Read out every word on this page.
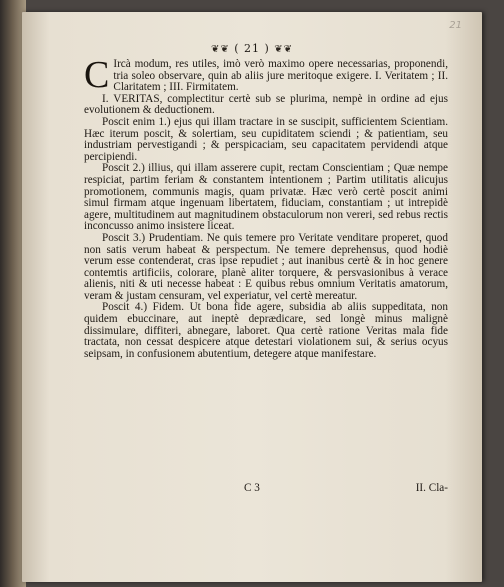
21
❦❦ ( 21 ) ❦❦

C Ircà modum, res utiles, imò verò maximo opere necessarias, proponendi, tria soleo observare, quin ab aliis jure meritoque exigere. I. Veritatem ; II. Claritatem ; III. Firmitatem.

I. VERITAS, complectitur certè sub se plurima, nempè in ordine ad ejus evolutionem & deductionem.

Poscit enim 1.) ejus qui illam tractare in se suscipit, sufficientem Scientiam. Hæc iterum poscit, & solertiam, seu cupiditatem sciendi ; & patientiam, seu industriam pervestigandi ; & perspicaciam, seu capacitatem pervidendi atque percipiendi.

Poscit 2.) illius, qui illam asserere cupit, rectam Conscientiam ; Quæ nempe respiciat, partim feriam & constantem intentionem ; Partim utilitatis alicujus promotionem, communis magis, quam privatæ. Hæc verò certè poscit animi simul firmam atque ingenuam libertatem, fiduciam, constantiam ; ut intrepidè agere, multitudinem aut magnitudinem obstaculorum non vereri, sed rebus rectis inconcusso animo insistere liceat.

Poscit 3.) Prudentiam. Ne quis temere pro Veritate venditare properet, quod non satis verum habeat & perspectum. Ne temere deprehensus, quod hodiè verum esse contenderat, cras ipse repudiet ; aut inanibus certè & in hoc genere contemtis artificiis, colorare, planè aliter torquere, & persvasionibus à verace alienis, niti & uti necesse habeat : E quibus rebus omnium Veritatis amatorum, veram & justam censuram, vel experiatur, vel certè mereatur.

Poscit 4.) Fidem. Ut bona fide agere, subsidia ab aliis suppeditata, non quidem ebuccinare, aut ineptè deprædicare, sed longè minus malignè dissimulare, diffiteri, abnegare, laboret. Qua certè ratione Veritas mala fide tractata, non cessat despicere atque detestari violationem sui, & serius ocyus seipsam, in confusionem abutentium, detegere atque manifestare.

C 3	II. Cla-
